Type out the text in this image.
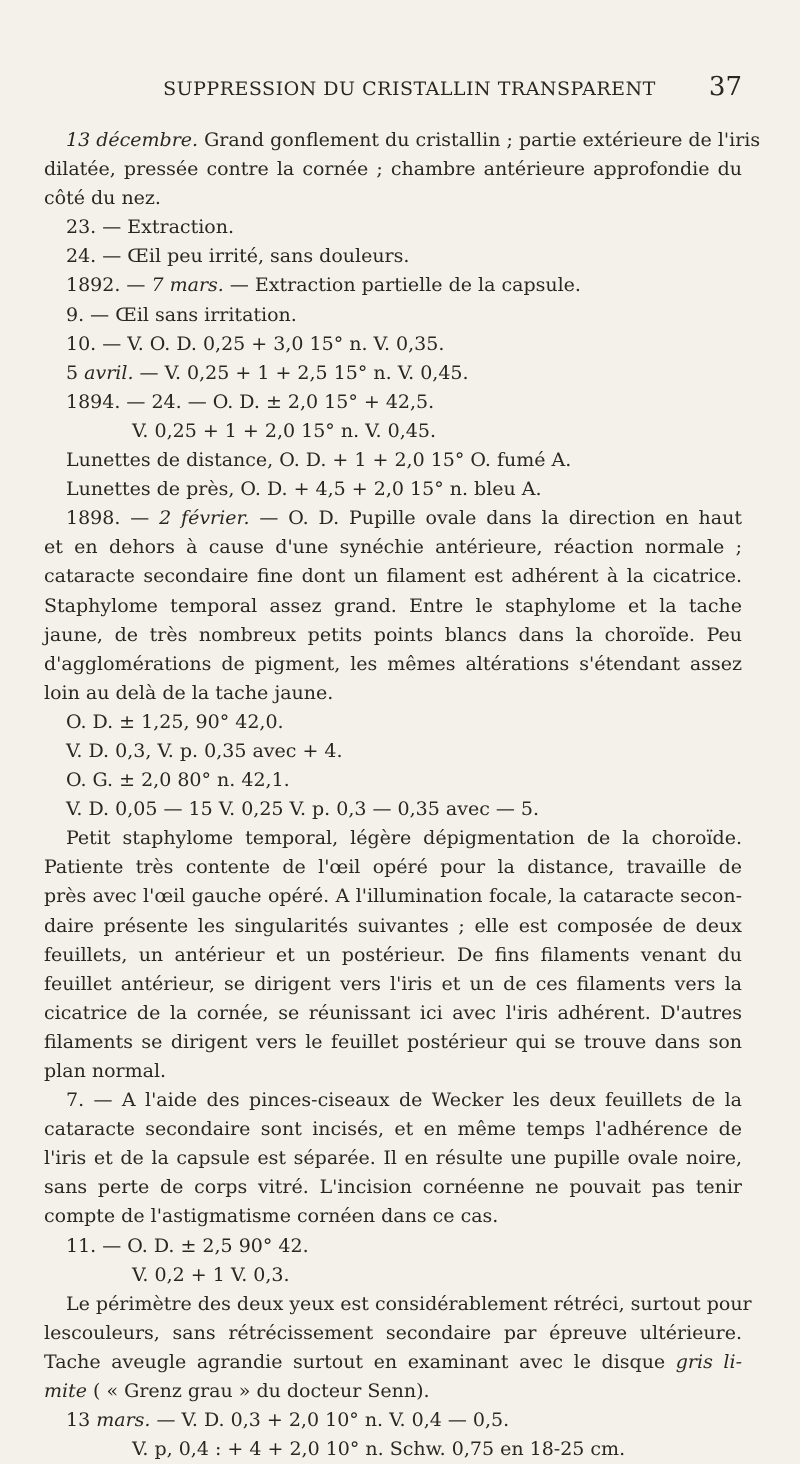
SUPPRESSION DU CRISTALLIN TRANSPARENT	37
13 décembre. Grand gonflement du cristallin ; partie extérieure de l'iris
dilatée, pressée contre la cornée ; chambre antérieure approfondie du
côté du nez.
23. — Extraction.
24. — Œil peu irrité, sans douleurs.
1892. — 7 mars. — Extraction partielle de la capsule.
9. — Œil sans irritation.
10. — V. O. D. 0,25 + 3,0 15° n. V. 0,35.
5 avril. — V. 0,25 + 1 + 2,5 15° n. V. 0,45.
1894. — 24. — O. D. ± 2,0 15° + 42,5.
V. 0,25 + 1 + 2,0 15° n. V. 0,45.
Lunettes de distance, O. D. + 1 + 2,0 15° O. fumé A.
Lunettes de près, O. D. + 4,5 + 2,0 15° n. bleu A.
1898. — 2 février. — O. D. Pupille ovale dans la direction en haut
et en dehors à cause d'une synéchie antérieure, réaction normale ;
cataracte secondaire fine dont un filament est adhérent à la cicatrice.
Staphylome temporal assez grand. Entre le staphylome et la tache
jaune, de très nombreux petits points blancs dans la choroïde. Peu
d'agglomérations de pigment, les mêmes altérations s'étendant assez
loin au delà de la tache jaune.
O. D. ± 1,25, 90° 42,0.
V. D. 0,3, V. p. 0,35 avec + 4.
O. G. ± 2,0 80° n. 42,1.
V. D. 0,05 — 15 V. 0,25 V. p. 0,3 — 0,35 avec — 5.
Petit staphylome temporal, légère dépigmentation de la choroïde.
Patiente très contente de l'œil opéré pour la distance, travaille de
près avec l'œil gauche opéré. A l'illumination focale, la cataracte secon-
daire présente les singularités suivantes ; elle est composée de deux
feuillets, un antérieur et un postérieur. De fins filaments venant du
feuillet antérieur, se dirigent vers l'iris et un de ces filaments vers la
cicatrice de la cornée, se réunissant ici avec l'iris adhérent. D'autres
filaments se dirigent vers le feuillet postérieur qui se trouve dans son
plan normal.
7. — A l'aide des pinces-ciseaux de Wecker les deux feuillets de la
cataracte secondaire sont incisés, et en même temps l'adhérence de
l'iris et de la capsule est séparée. Il en résulte une pupille ovale noire,
sans perte de corps vitré. L'incision cornéenne ne pouvait pas tenir
compte de l'astigmatisme cornéen dans ce cas.
11. — O. D. ± 2,5 90° 42.
V. 0,2 + 1 V. 0,3.
Le périmètre des deux yeux est considérablement rétréci, surtout pour
lescouleurs, sans rétrécissement secondaire par épreuve ultérieure.
Tache aveugle agrandie surtout en examinant avec le disque gris li-
mite ( « Grenz grau » du docteur Senn).
13 mars. — V. D. 0,3 + 2,0 10° n. V. 0,4 — 0,5.
V. p, 0,4 : + 4 + 2,0 10° n. Schw. 0,75 en 18-25 cm.
